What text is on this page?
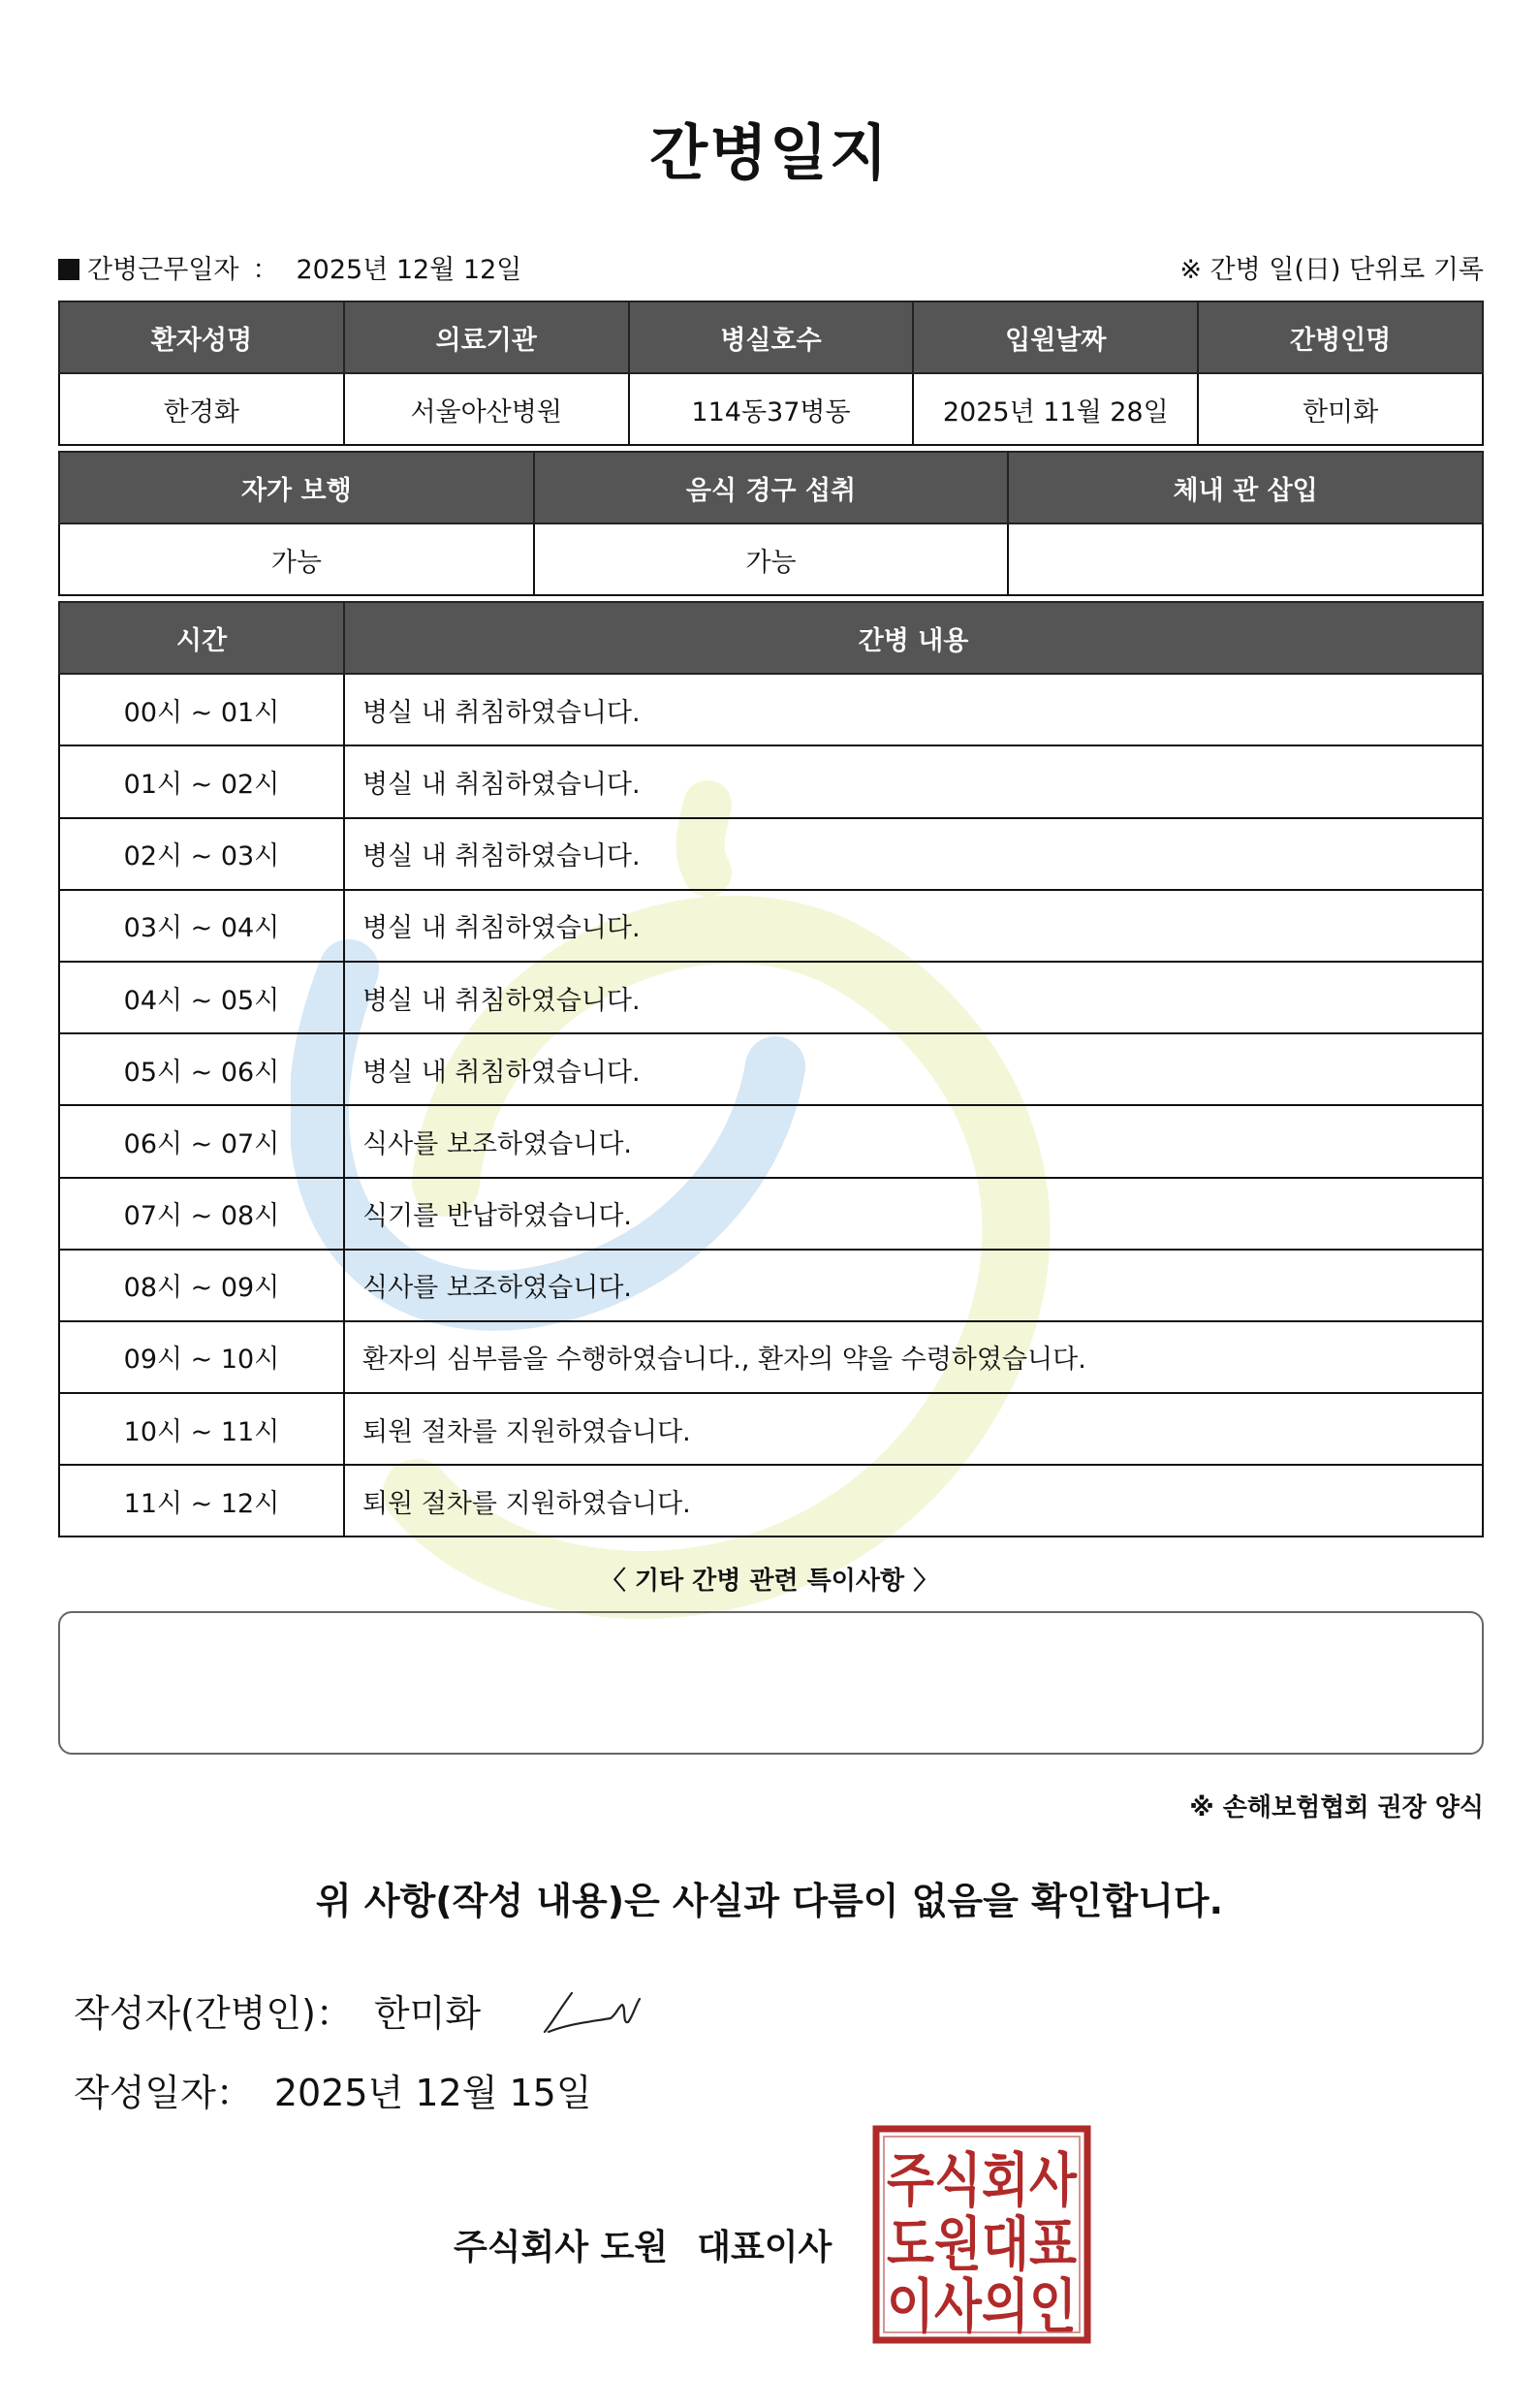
간병일지
간병근무일자 ： 2025년 12월 12일	※ 간병 일(日) 단위로 기록
환자성명	의료기관	병실호수	입원날짜	간병인명
한경화	서울아산병원	114동37병동	2025년 11월 28일	한미화
자가 보행	음식 경구 섭취	체내 관 삽입
가능	가능	
시간	간병 내용
00시 ~ 01시	병실 내 취침하였습니다.
01시 ~ 02시	병실 내 취침하였습니다.
02시 ~ 03시	병실 내 취침하였습니다.
03시 ~ 04시	병실 내 취침하였습니다.
04시 ~ 05시	병실 내 취침하였습니다.
05시 ~ 06시	병실 내 취침하였습니다.
06시 ~ 07시	식사를 보조하였습니다.
07시 ~ 08시	식기를 반납하였습니다.
08시 ~ 09시	식사를 보조하였습니다.
09시 ~ 10시	환자의 심부름을 수행하였습니다., 환자의 약을 수령하였습니다.
10시 ~ 11시	퇴원 절차를 지원하였습니다.
11시 ~ 12시	퇴원 절차를 지원하였습니다.
〈 기타 간병 관련 특이사항 〉
※ 손해보험협회 권장 양식
위 사항(작성 내용)은 사실과 다름이 없음을 확인합니다.
작성자(간병인)： 한미화
작성일자： 2025년 12월 15일
주식회사 도원 대표이사
주식회사
도원대표
이사의인
